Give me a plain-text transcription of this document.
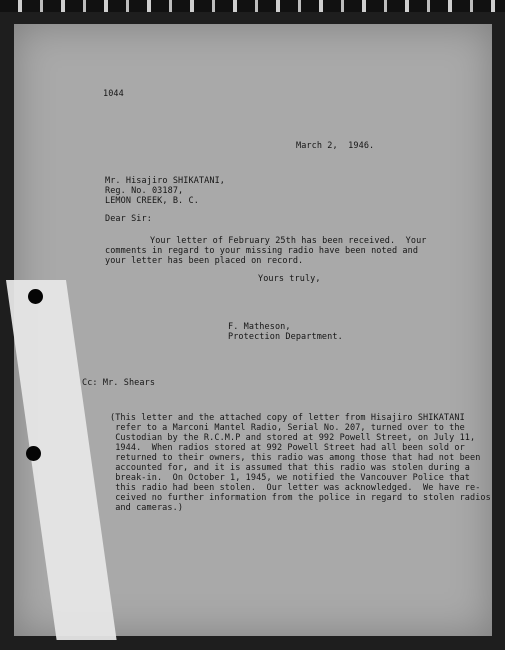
1044
March 2,  1946.
Mr. Hisajiro SHIKATANI,
Reg. No. 03187,
LEMON CREEK, B. C.
Dear Sir:
Your letter of February 25th has been received.  Your
comments in regard to your missing radio have been noted and
your letter has been placed on record.
Yours truly,
F. Matheson,
Protection Department.
Cc: Mr. Shears
(This letter and the attached copy of letter from Hisajiro SHIKATANI
refer to a Marconi Mantel Radio, Serial No. 207, turned over to the
Custodian by the R.C.M.P and stored at 992 Powell Street, on July 11,
1944.  When radios stored at 992 Powell Street had all been sold or
returned to their owners, this radio was among those that had not been
accounted for, and it is assumed that this radio was stolen during a
break-in.  On October 1, 1945, we notified the Vancouver Police that
this radio had been stolen.  Our letter was acknowledged.  We have re-
ceived no further information from the police in regard to stolen radios
and cameras.)
